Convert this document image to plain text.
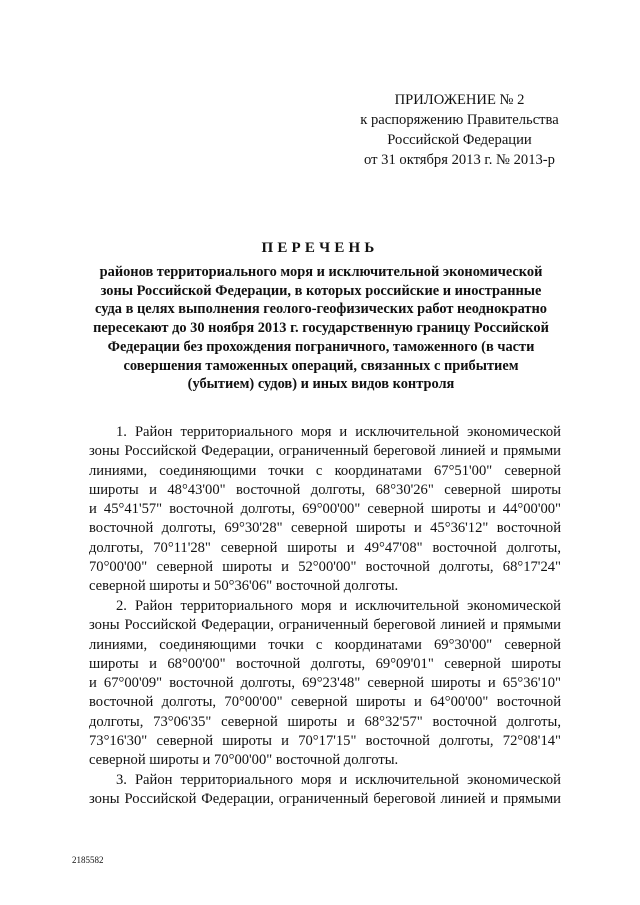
ПРИЛОЖЕНИЕ № 2
к распоряжению Правительства
Российской Федерации
от 31 октября 2013 г. № 2013-р
ПЕРЕЧЕНЬ
районов территориального моря и исключительной экономической
зоны Российской Федерации, в которых российские и иностранные
суда в целях выполнения геолого-геофизических работ неоднократно
пересекают до 30 ноября 2013 г. государственную границу Российской
Федерации без прохождения пограничного, таможенного (в части
совершения таможенных операций, связанных с прибытием
(убытием) судов) и иных видов контроля
1. Район территориального моря и исключительной экономической
зоны Российской Федерации, ограниченный береговой линией и прямыми
линиями, соединяющими точки с координатами 67°51'00" северной
широты и 48°43'00" восточной долготы, 68°30'26" северной широты
и 45°41'57" восточной долготы, 69°00'00" северной широты и 44°00'00"
восточной долготы, 69°30'28" северной широты и 45°36'12" восточной
долготы, 70°11'28" северной широты и 49°47'08" восточной долготы,
70°00'00" северной широты и 52°00'00" восточной долготы, 68°17'24"
северной широты и 50°36'06" восточной долготы.
2. Район территориального моря и исключительной экономической
зоны Российской Федерации, ограниченный береговой линией и прямыми
линиями, соединяющими точки с координатами 69°30'00" северной
широты и 68°00'00" восточной долготы, 69°09'01" северной широты
и 67°00'09" восточной долготы, 69°23'48" северной широты и 65°36'10"
восточной долготы, 70°00'00" северной широты и 64°00'00" восточной
долготы, 73°06'35" северной широты и 68°32'57" восточной долготы,
73°16'30" северной широты и 70°17'15" восточной долготы, 72°08'14"
северной широты и 70°00'00" восточной долготы.
3. Район территориального моря и исключительной экономической
зоны Российской Федерации, ограниченный береговой линией и прямыми
2185582
